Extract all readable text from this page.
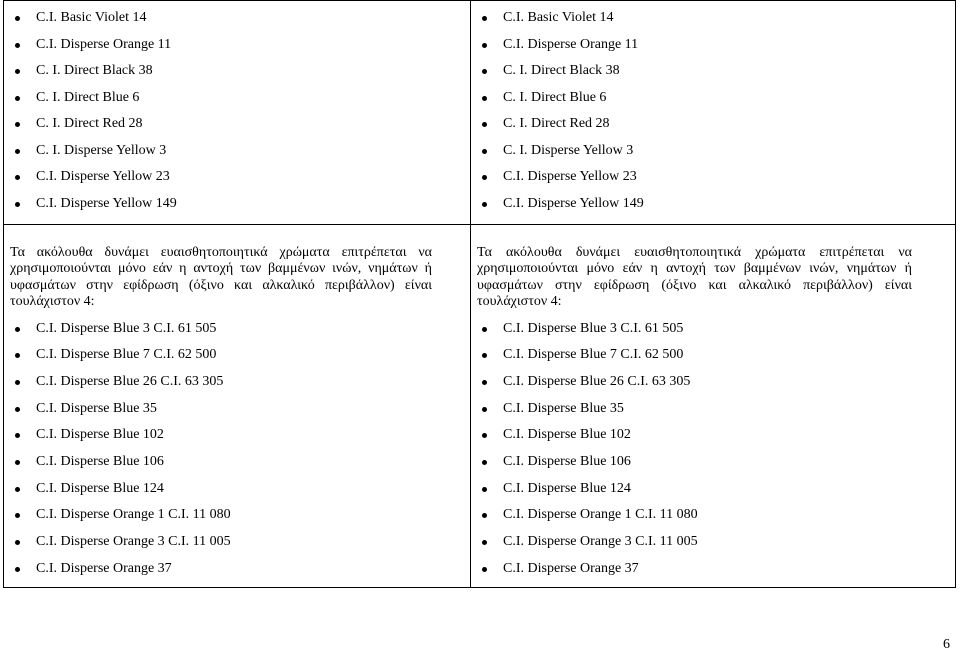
C.I. Basic Violet 14
C.I. Disperse Orange 11
C. I. Direct Black 38
C. I. Direct Blue 6
C. I. Direct Red 28
C. I. Disperse Yellow 3
C.I. Disperse Yellow 23
C.I. Disperse Yellow 149
C.I. Basic Violet 14
C.I. Disperse Orange 11
C. I. Direct Black 38
C. I. Direct Blue 6
C. I. Direct Red 28
C. I. Disperse Yellow 3
C.I. Disperse Yellow 23
C.I. Disperse Yellow 149

Τα ακόλουθα δυνάμει ευαισθητοποιητικά χρώματα επιτρέπεται να χρησιμοποιούνται μόνο εάν η αντοχή των βαμμένων ινών, νημάτων ή υφασμάτων στην εφίδρωση (όξινο και αλκαλικό περιβάλλον) είναι τουλάχιστον 4:

C.I. Disperse Blue 3 C.I. 61 505
C.I. Disperse Blue 7 C.I. 62 500
C.I. Disperse Blue 26 C.I. 63 305
C.I. Disperse Blue 35
C.I. Disperse Blue 102
C.I. Disperse Blue 106
C.I. Disperse Blue 124
C.I. Disperse Orange 1 C.I. 11 080
C.I. Disperse Orange 3 C.I. 11 005
C.I. Disperse Orange 37

Τα ακόλουθα δυνάμει ευαισθητοποιητικά χρώματα επιτρέπεται να χρησιμοποιούνται μόνο εάν η αντοχή των βαμμένων ινών, νημάτων ή υφασμάτων στην εφίδρωση (όξινο και αλκαλικό περιβάλλον) είναι τουλάχιστον 4:

C.I. Disperse Blue 3 C.I. 61 505
C.I. Disperse Blue 7 C.I. 62 500
C.I. Disperse Blue 26 C.I. 63 305
C.I. Disperse Blue 35
C.I. Disperse Blue 102
C.I. Disperse Blue 106
C.I. Disperse Blue 124
C.I. Disperse Orange 1 C.I. 11 080
C.I. Disperse Orange 3 C.I. 11 005
C.I. Disperse Orange 37
6
